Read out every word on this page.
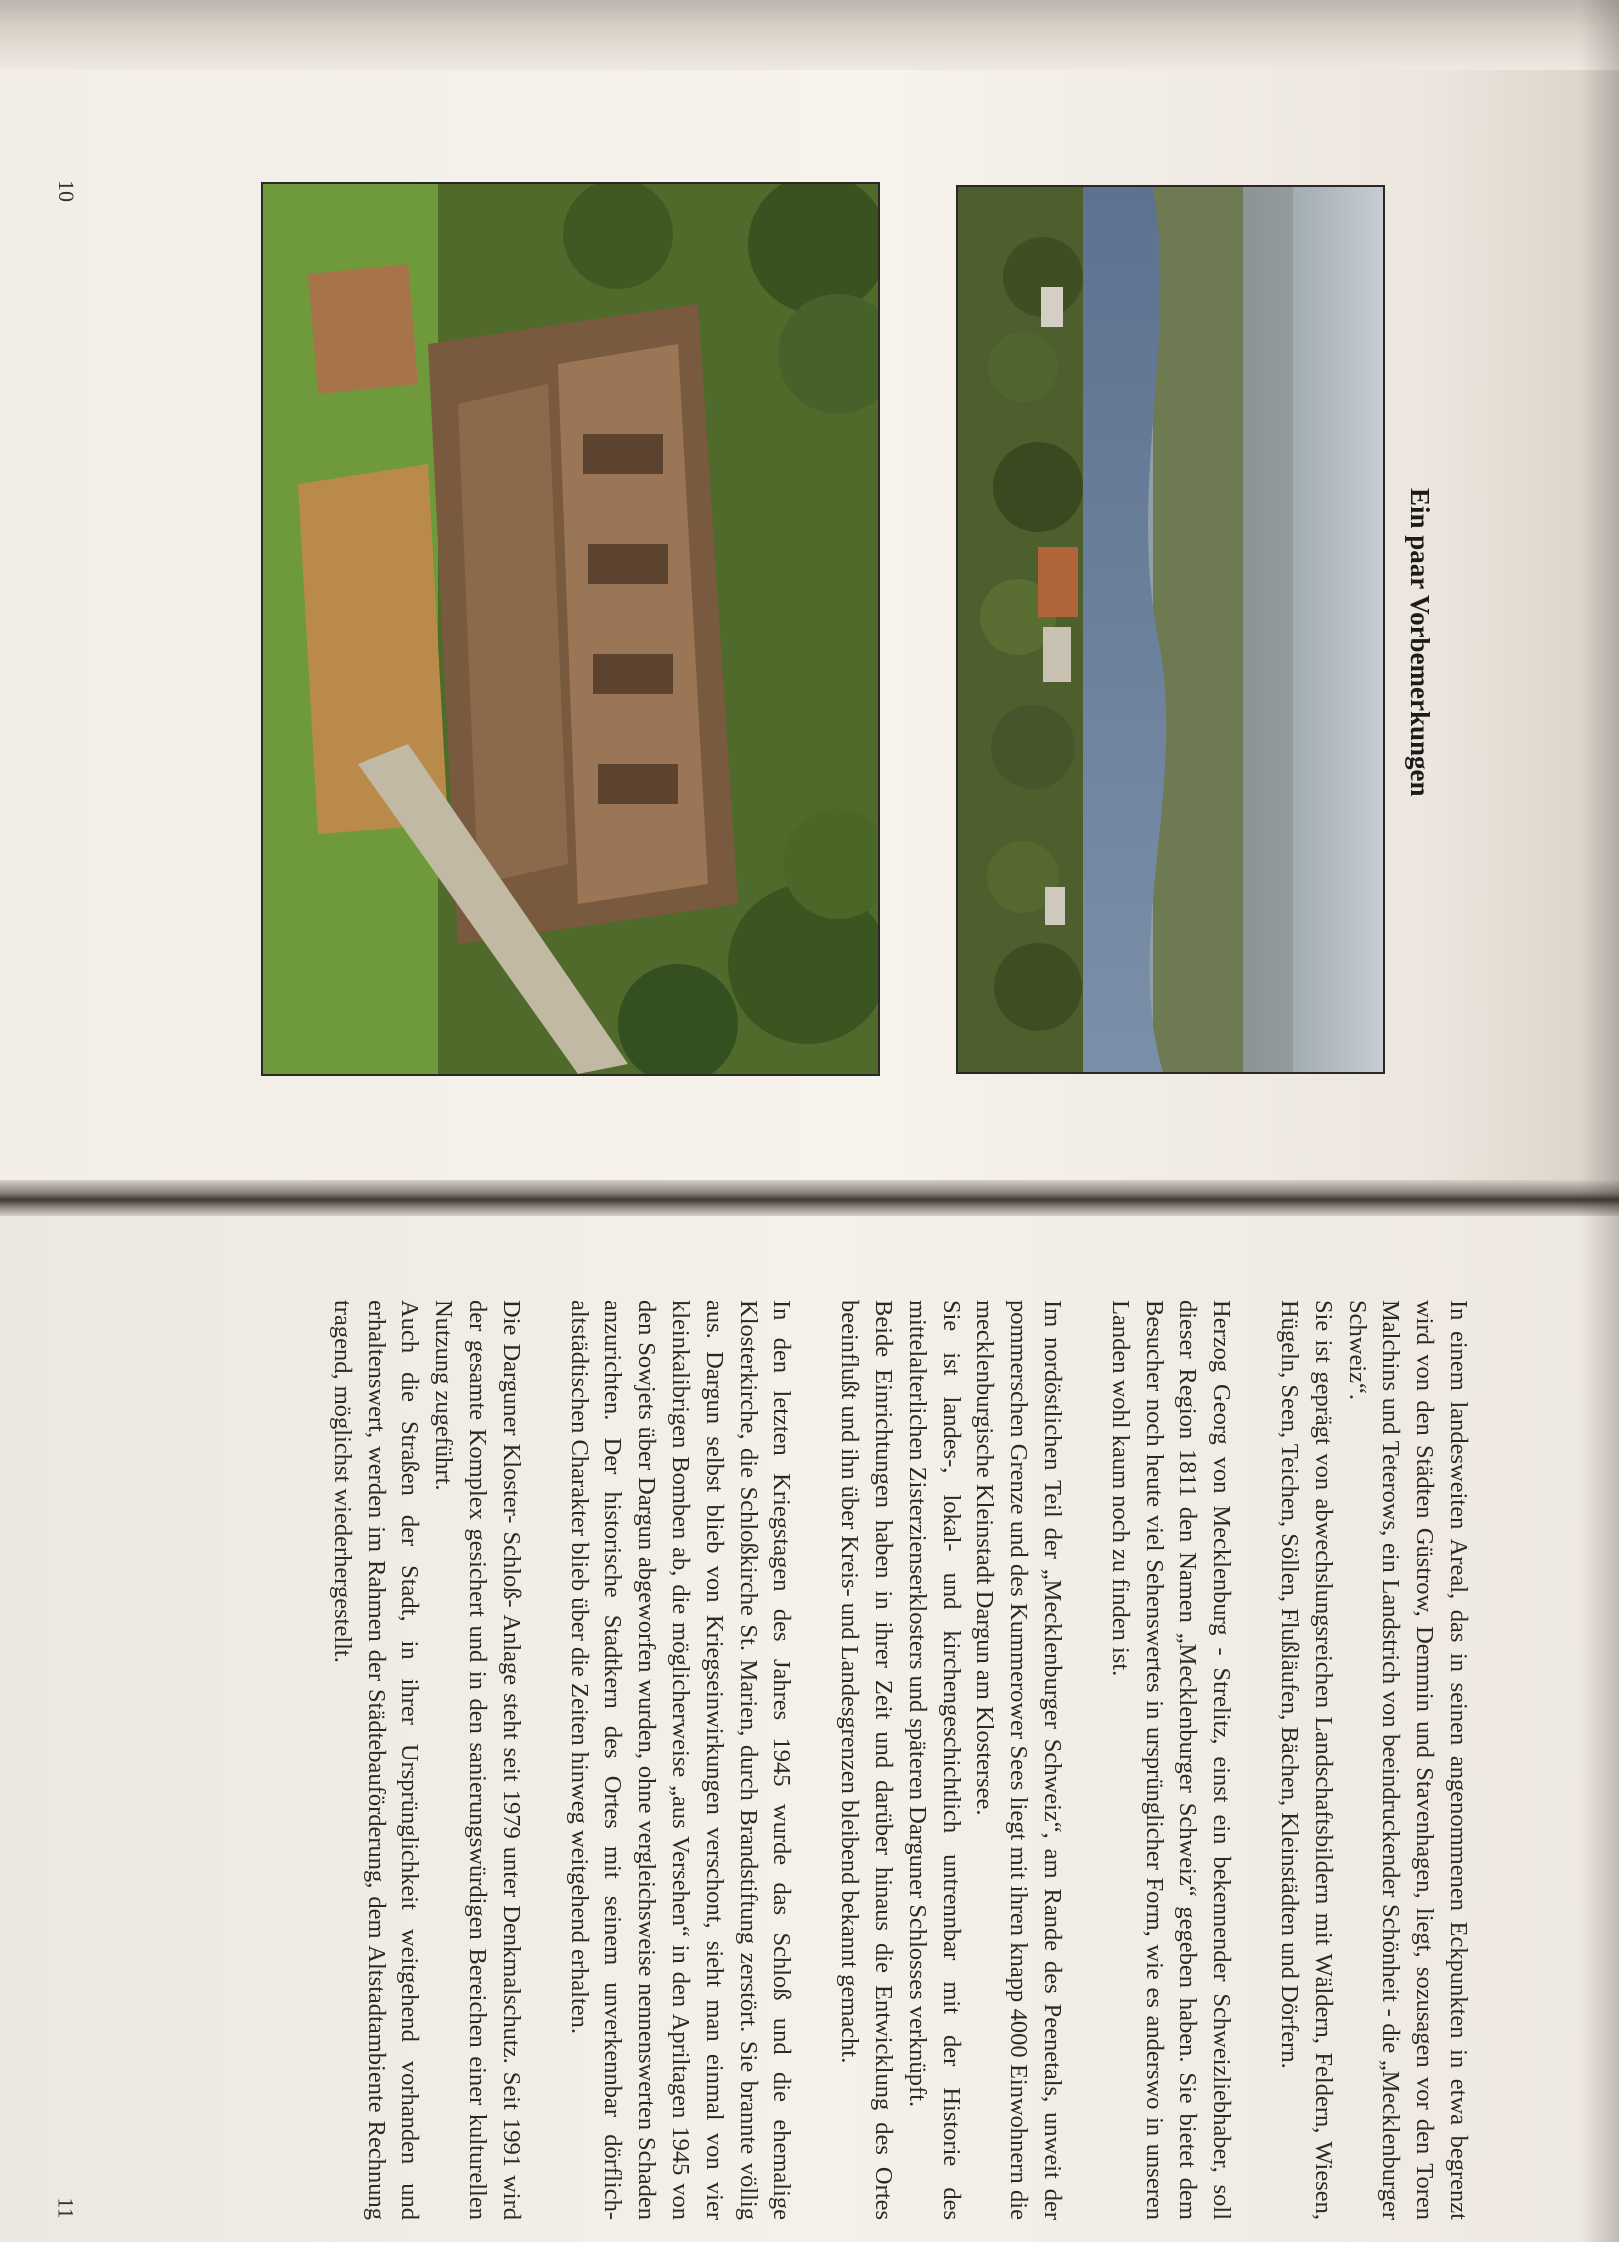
10
11
Ein paar Vorbemerkungen

In einem landesweiten Areal, das in seinen angenommenen Eckpunkten in etwa begrenzt wird von den Städten Güstrow, Demmin und Stavenhagen, liegt, sozusagen vor den Toren Malchins und Teterows, ein Landstrich von beeindruckender Schönheit - die „Mecklenburger Schweiz“.

Sie ist geprägt von abwechslungsreichen Landschaftsbildern mit Wäldern, Feldern, Wiesen, Hügeln, Seen, Teichen, Söllen, Flußläufen, Bächen, Kleinstädten und Dörfern.

Herzog Georg von Mecklenburg - Strelitz, einst ein bekennender Schweizliebhaber, soll dieser Region 1811 den Namen „Mecklenburger Schweiz“ gegeben haben. Sie bietet dem Besucher noch heute viel Sehenswertes in ursprünglicher Form, wie es anderswo in unseren Landen wohl kaum noch zu finden ist.

Im nordöstlichen Teil der „Mecklenburger Schweiz“, am Rande des Peenetals, unweit der pommerschen Grenze und des Kummerower Sees liegt mit ihren knapp 4000 Einwohnern die mecklenburgische Kleinstadt Dargun am Klostersee.

Sie ist landes-, lokal- und kirchengeschichtlich untrennbar mit der Historie des mittelalterlichen Zisterzienserklosters und späteren Darguner Schlosses verknüpft.

Beide Einrichtungen haben in ihrer Zeit und darüber hinaus die Entwicklung des Ortes beeinflußt und ihn über Kreis- und Landesgrenzen bleibend bekannt gemacht.

In den letzten Kriegstagen des Jahres 1945 wurde das Schloß und die ehemalige Klosterkirche, die Schloßkirche St. Marien, durch Brandstiftung zerstört. Sie brannte völlig aus. Dargun selbst blieb von Kriegseinwirkungen verschont, sieht man einmal von vier kleinkalibrigen Bomben ab, die möglicherweise „aus Versehen“ in den Apriltagen 1945 von den Sowjets über Dargun abgeworfen wurden, ohne vergleichsweise nennenswerten Schaden anzurichten. Der historische Stadtkern des Ortes mit seinem unverkennbar dörflich-altstädtischen Charakter blieb über die Zeiten hinweg weitgehend erhalten.

Die Darguner Kloster- Schloß- Anlage steht seit 1979 unter Denkmalschutz. Seit 1991 wird der gesamte Komplex gesichert und in den sanierungswürdigen Bereichen einer kulturellen Nutzung zugeführt.

Auch die Straßen der Stadt, in ihrer Ursprünglichkeit weitgehend vorhanden und erhaltenswert, werden im Rahmen der Städtebauförderung, dem Altstadtambiente Rechnung tragend, möglichst wiederhergestellt.
